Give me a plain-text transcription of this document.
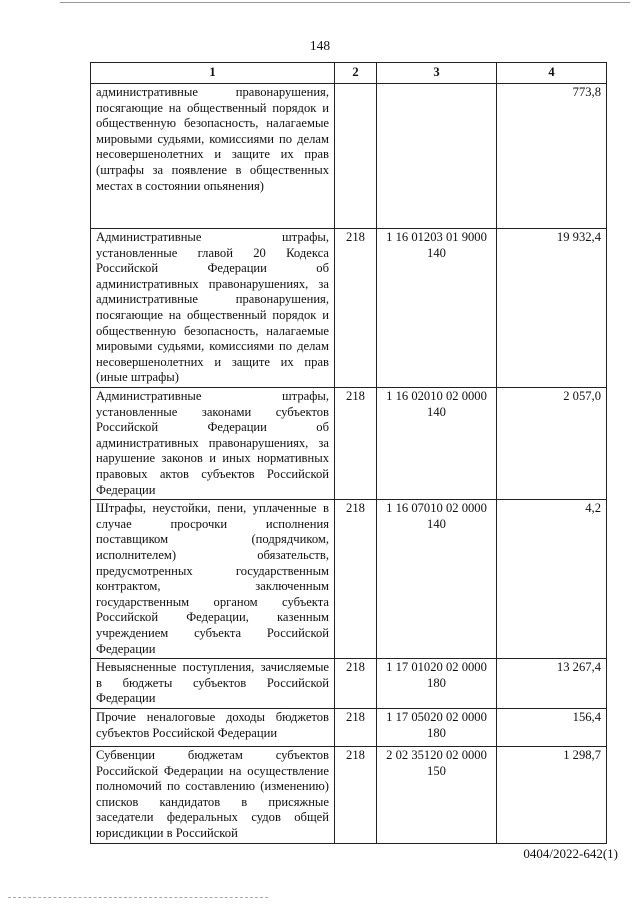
148
1	2	3	4
административные правонарушения, посягающие на общественный порядок и общественную безопасность, налагаемые мировыми судьями, комиссиями по делам несовершенолетних и защите их прав (штрафы за появление в общественных местах в состоянии опьянения)			773,8
Административные штрафы, установленные главой 20 Кодекса Российской Федерации об административных правонарушениях, за административные правонарушения, посягающие на общественный порядок и общественную безопасность, налагаемые мировыми судьями, комиссиями по делам несовершенолетних и защите их прав (иные штрафы)	218	1 16 01203 01 9000 140	19 932,4
Административные штрафы, установленные законами субъектов Российской Федерации об административных правонарушениях, за нарушение законов и иных нормативных правовых актов субъектов Российской Федерации	218	1 16 02010 02 0000 140	2 057,0
Штрафы, неустойки, пени, уплаченные в случае просрочки исполнения поставщиком (подрядчиком, исполнителем) обязательств, предусмотренных государственным контрактом, заключенным государственным органом субъекта Российской Федерации, казенным учреждением субъекта Российской Федерации	218	1 16 07010 02 0000 140	4,2
Невыясненные поступления, зачисляемые в бюджеты субъектов Российской Федерации	218	1 17 01020 02 0000 180	13 267,4
Прочие неналоговые доходы бюджетов субъектов Российской Федерации	218	1 17 05020 02 0000 180	156,4
Субвенции бюджетам субъектов Российской Федерации на осуществление полномочий по составлению (изменению) списков кандидатов в присяжные заседатели федеральных судов общей юрисдикции в Российской	218	2 02 35120 02 0000 150	1 298,7
0404/2022-642(1)
